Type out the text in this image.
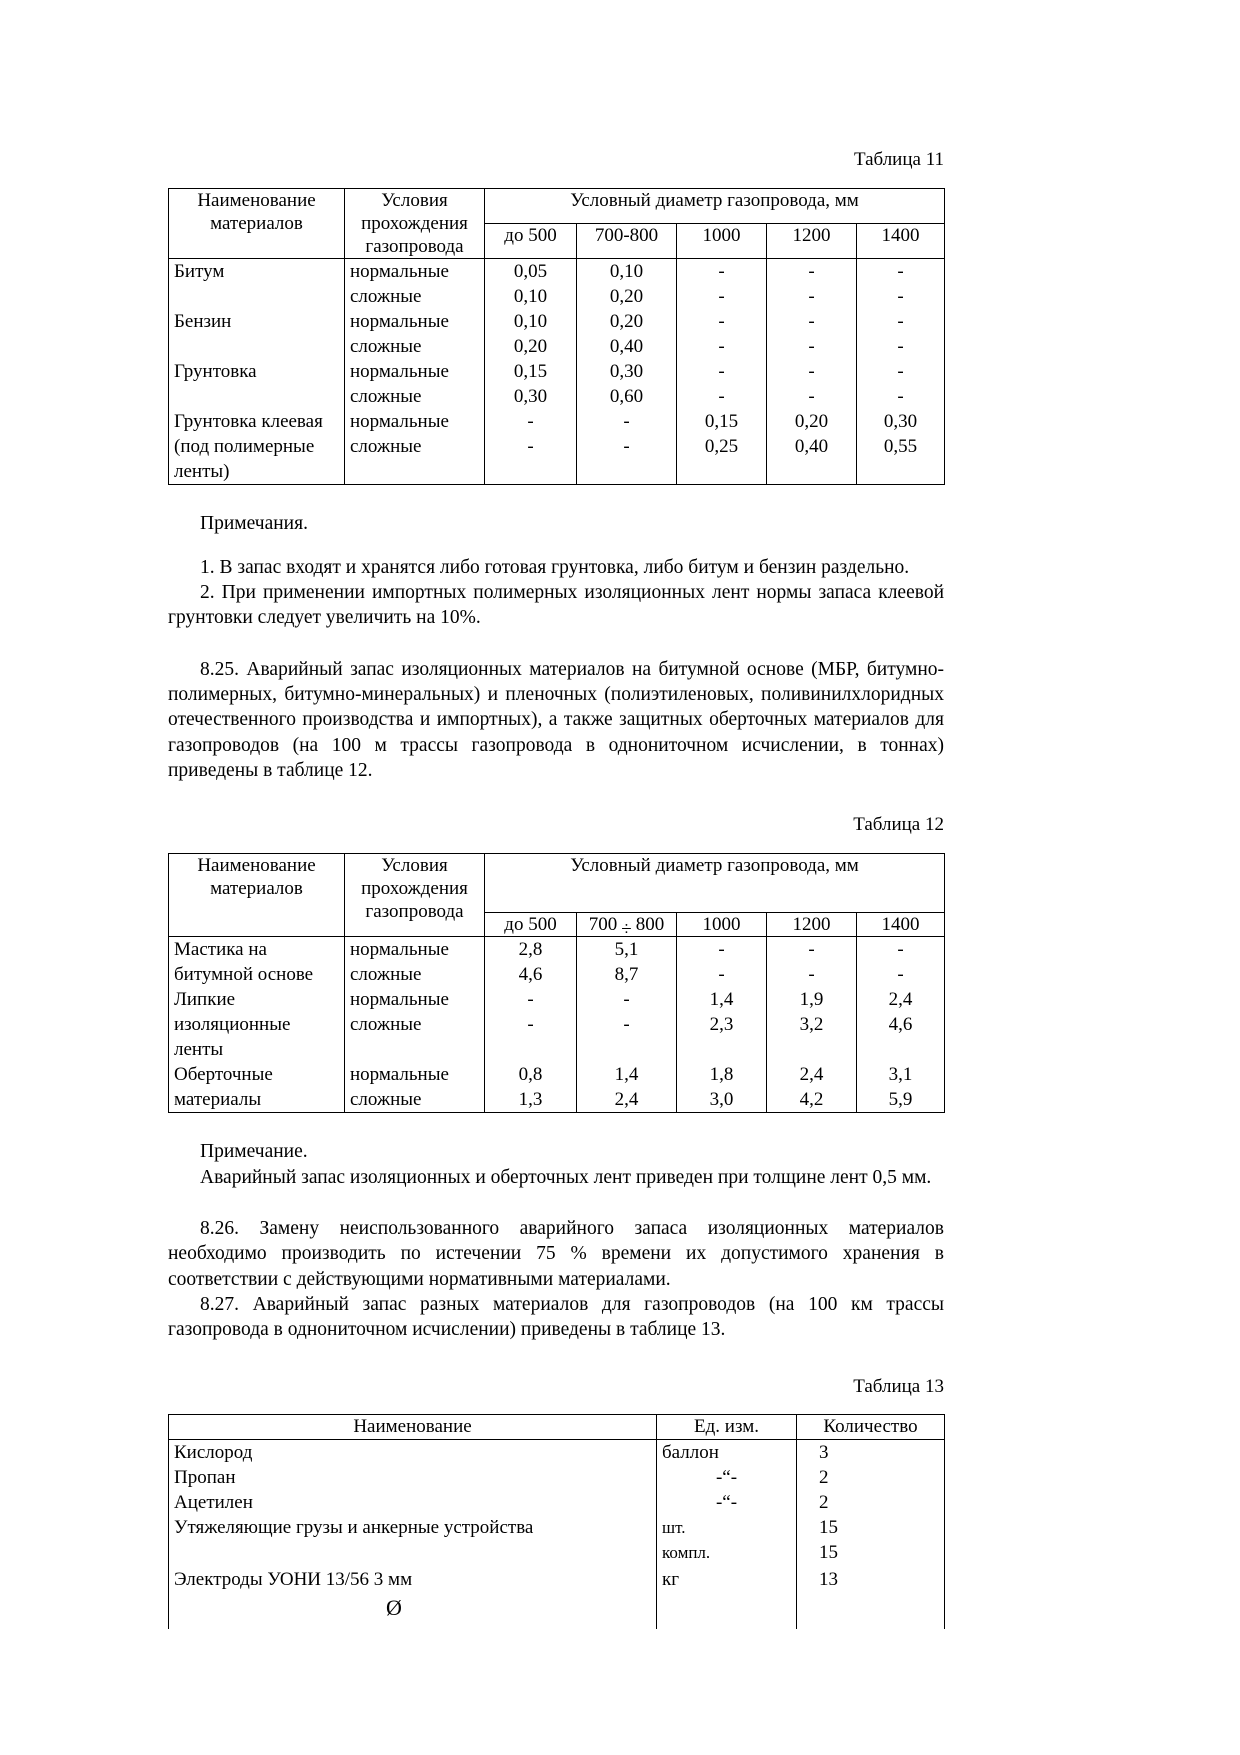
Таблица 11

Наименование материалов	Условия прохождения газопровода	Условный диаметр газопровода, мм				
		до 500	700-800	1000	1200	1400
Битум	нормальные	0,05	0,10	-	-	-
	сложные	0,10	0,20	-	-	-
Бензин	нормальные	0,10	0,20	-	-	-
	сложные	0,20	0,40	-	-	-
Грунтовка	нормальные	0,15	0,30	-	-	-
	сложные	0,30	0,60	-	-	-
Грунтовка клеевая	нормальные	-	-	0,15	0,20	0,30
(под полимерные	сложные	-	-	0,25	0,40	0,55
ленты)						

Примечания.

1. В запас входят и хранятся либо готовая грунтовка, либо битум и бензин раздельно.

2. При применении импортных полимерных изоляционных лент нормы запаса клеевой грунтовки следует увеличить на 10%.

8.25. Аварийный запас изоляционных материалов на битумной основе (МБР, битумно-полимерных, битумно-минеральных) и пленочных (полиэтиленовых, поливинилхлоридных отечественного производства и импортных), а также защитных оберточных материалов для газопроводов (на 100 м трассы газопровода в однониточном исчислении, в тоннах) приведены в таблице 12.

Таблица 12

Наименование материалов	Условия прохождения газопровода	Условный диаметр газопровода, мм				
		до 500	700 ÷ 800	1000	1200	1400
Мастика на	нормальные	2,8	5,1	-	-	-
битумной основе	сложные	4,6	8,7	-	-	-
Липкие	нормальные	-	-	1,4	1,9	2,4
изоляционные	сложные	-	-	2,3	3,2	4,6
ленты						
Оберточные	нормальные	0,8	1,4	1,8	2,4	3,1
материалы	сложные	1,3	2,4	3,0	4,2	5,9

Примечание.

Аварийный запас изоляционных и оберточных лент приведен при толщине лент 0,5 мм.

8.26. Замену неиспользованного аварийного запаса изоляционных материалов необходимо производить по истечении 75 % времени их допустимого хранения в соответствии с действующими нормативными материалами.

8.27. Аварийный запас разных материалов для газопроводов (на 100 км трассы газопровода в однониточном исчислении) приведены в таблице 13.

Таблица 13

Наименование	Ед. изм.	Количество
Кислород	баллон	3
Пропан	-“-	2
Ацетилен	-“-	2
Утяжеляющие грузы и анкерные устройства	шт.	15
	компл.	15
Электроды УОНИ 13/56 3 мм	кг	13

Ø		
